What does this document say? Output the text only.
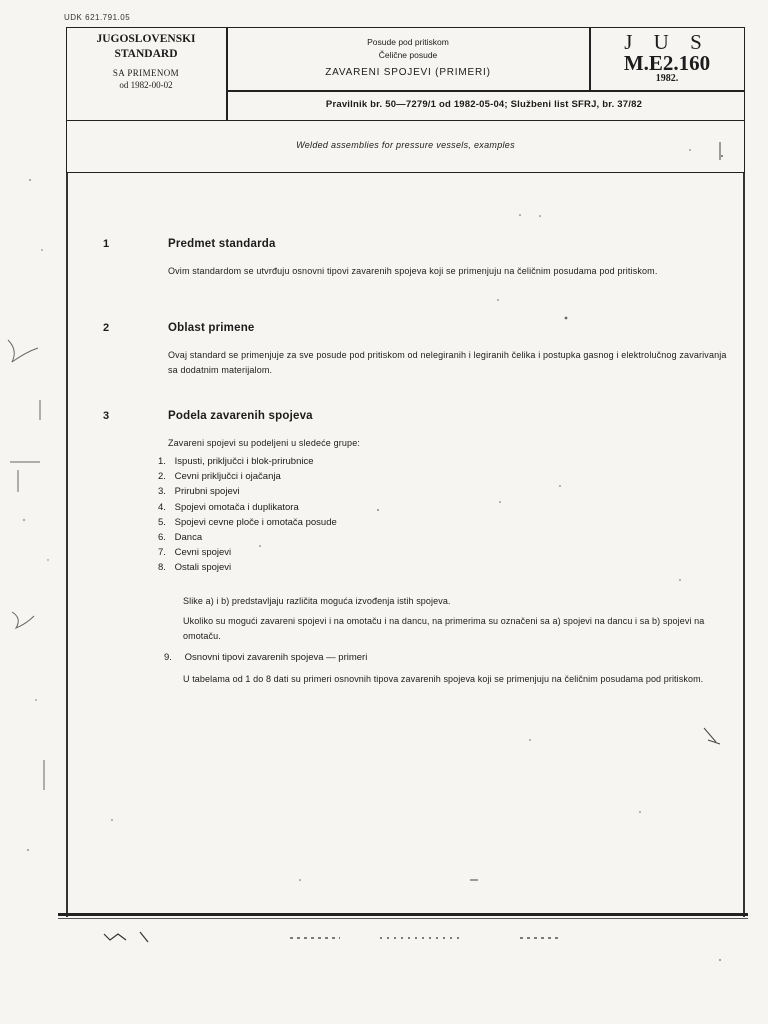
UDK 621.791.05
JUGOSLOVENSKI
STANDARD
SA PRIMENOM
od 1982-00-02
Posude pod pritiskom
Čelične posude
ZAVARENI SPOJEVI (PRIMERI)
J U S
M.E2.160
1982.
Pravilnik br. 50—7279/1 od 1982-05-04; Službeni list SFRJ, br. 37/82
Welded assemblies for pressure vessels, examples
1	Predmet standarda
Ovim standardom se utvrđuju osnovni tipovi zavarenih spojeva koji se primenjuju na čeličnim posudama pod pritiskom.
2	Oblast primene
Ovaj standard se primenjuje za sve posude pod pritiskom od nelegiranih i legiranih čelika i postupka gasnog i elektrolučnog zavarivanja sa dodatnim materijalom.
3	Podela zavarenih spojeva
Zavareni spojevi su podeljeni u sledeće grupe:
1. Ispusti, priključci i blok-prirubnice
2. Cevni priključci i ojačanja
3. Prirubni spojevi
4. Spojevi omotača i duplikatora
5. Spojevi cevne ploče i omotača posude
6. Danca
7. Cevni spojevi
8. Ostali spojevi
Slike a) i b) predstavljaju različita moguća izvođenja istih spojeva.
Ukoliko su mogući zavareni spojevi i na omotaču i na dancu, na primerima su označeni sa a) spojevi na dancu i sa b) spojevi na omotaču.
9. Osnovni tipovi zavarenih spojeva — primeri
U tabelama od 1 do 8 dati su primeri osnovnih tipova zavarenih spojeva koji se primenjuju na čeličnim posudama pod pritiskom.
